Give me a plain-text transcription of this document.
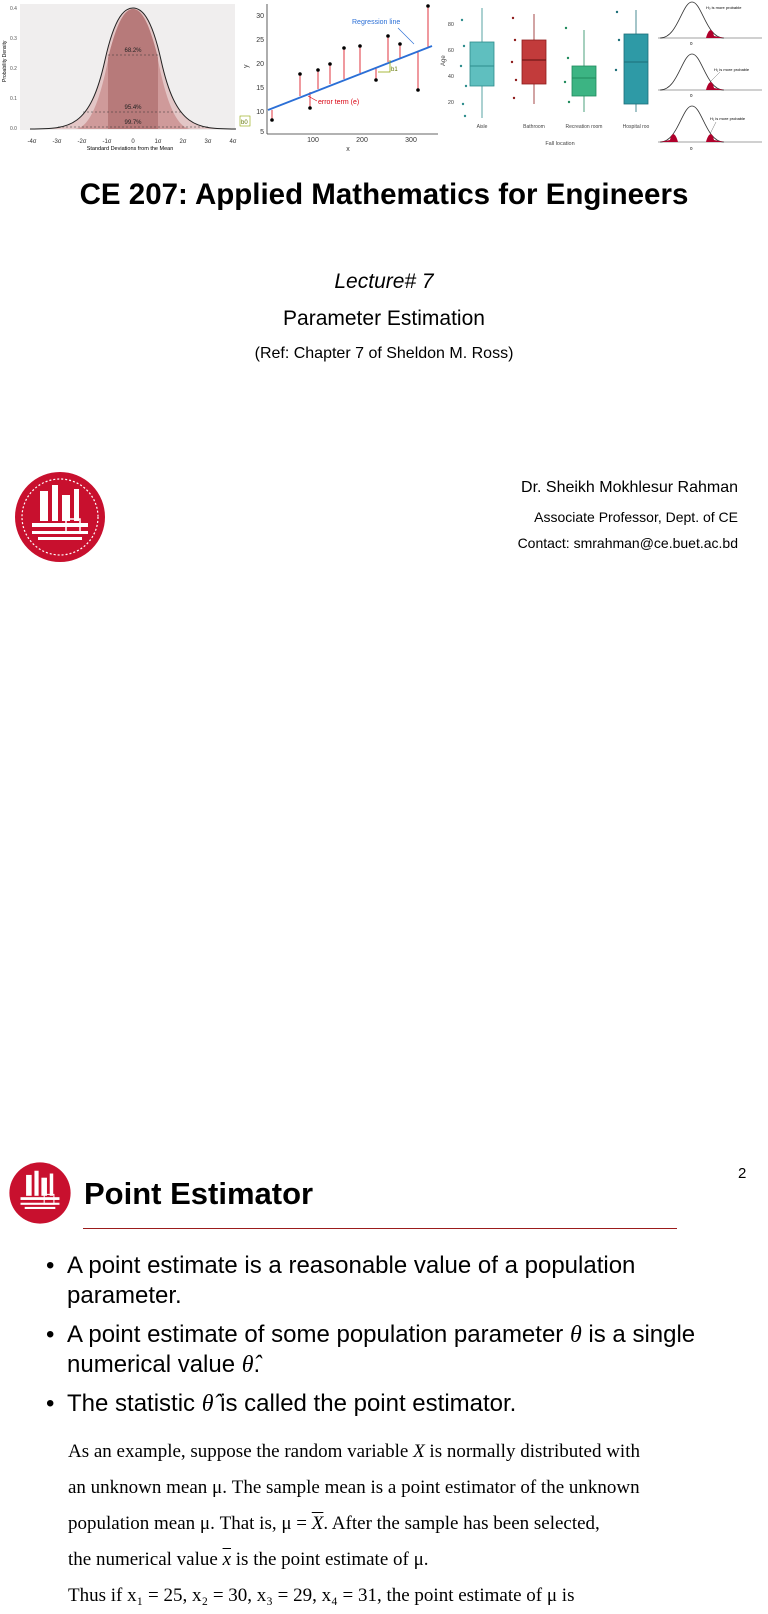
Probability Density
0.4
0.3
0.2
0.1
0.0
68.2%
95.4%
99.7%
-4σ	-3σ	-2σ	-1σ	0	1σ	2σ	3σ	4σ
Standard Deviations from the Mean
30
25
20
15
10
5
y
100	200	300
x
b1
b0
Regression line
error term (e)
80
60
40
20
Age
Aisle	Bathroom	Recreation room	Hospital roo
Fall location
H₀ is more probable
0
H₁ is more probable
0
H₁ is more probable
0
CE 207: Applied Mathematics for Engineers
Lecture# 7
Parameter Estimation
(Ref: Chapter 7 of Sheldon M. Ross)
Dr. Sheikh Mokhlesur Rahman
Associate Professor, Dept. of CE
Contact: smrahman@ce.buet.ac.bd
2
Point Estimator
• A point estimate is a reasonable value of a population parameter.
• A point estimate of some population parameter θ is a single numerical value θ̂.
• The statistic θ̂ is called the point estimator.
As an example, suppose the random variable X is normally distributed with
an unknown mean μ. The sample mean is a point estimator of the unknown
population mean μ. That is, $\mu = \overline{X}$. After the sample has been selected,
the numerical value $\overline{x}$ is the point estimate of μ.
Thus if x₁ = 25, x₂ = 30, x₃ = 29, x₄ = 31, the point estimate of μ is
